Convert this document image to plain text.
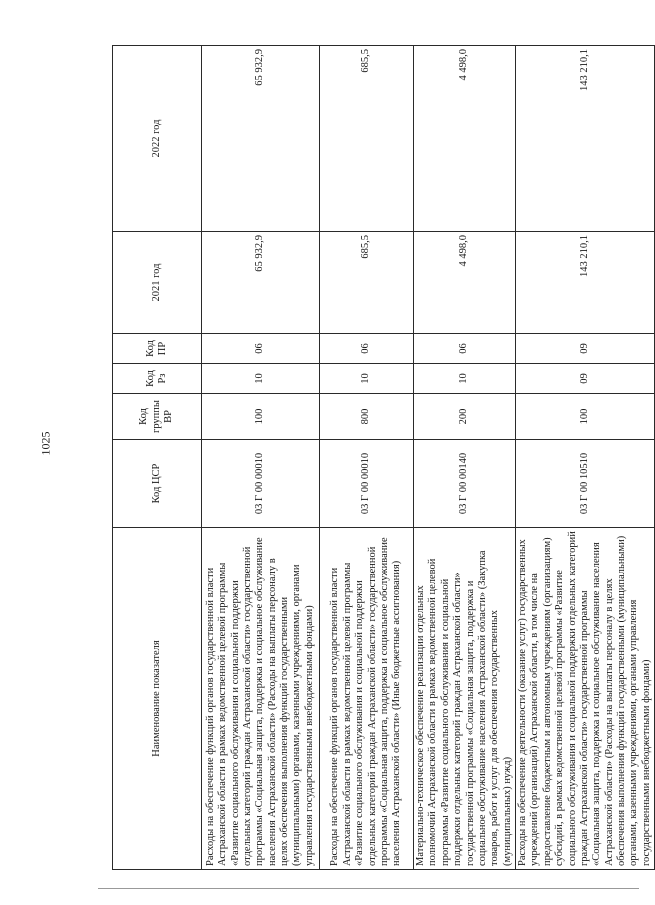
1025
Наименование показателя	Код ЦСР	Код группы ВР	Код Рз	Код ПР	2021 год	2022 год
Расходы на обеспечение функций органов государственной власти Астраханской области в рамках ведомственной целевой программы «Развитие социального обслуживания и социальной поддержки отдельных категорий граждан Астраханской области» государственной программы «Социальная защита, поддержка и социальное обслуживание населения Астраханской области» (Расходы на выплаты персоналу в целях обеспечения выполнения функций государственными (муниципальными) органами, казенными учреждениями, органами управления государственными внебюджетными фондами)	03 Г 00 00010	100	10	06	65 932,9	65 932,9
Расходы на обеспечение функций органов государственной власти Астраханской области в рамках ведомственной целевой программы «Развитие социального обслуживания и социальной поддержки отдельных категорий граждан Астраханской области» государственной программы «Социальная защита, поддержка и социальное обслуживание населения Астраханской области» (Иные бюджетные ассигнования)	03 Г 00 00010	800	10	06	685,5	685,5
Материально-техническое обеспечение реализации отдельных полномочий Астраханской области в рамках ведомственной целевой программы «Развитие социального обслуживания и социальной поддержки отдельных категорий граждан Астраханской области» государственной программы «Социальная защита, поддержка и социальное обслуживание населения Астраханской области» (Закупка товаров, работ и услуг для обеспечения государственных (муниципальных) нужд)	03 Г 00 00140	200	10	06	4 498,0	4 498,0
Расходы на обеспечение деятельности (оказание услуг) государственных учреждений (организаций) Астраханской области, в том числе на предоставление бюджетным и автономным учреждениям (организациям) субсидий, в рамках ведомственной целевой программы «Развитие социального обслуживания и социальной поддержки отдельных категорий граждан Астраханской области» государственной программы «Социальная защита, поддержка и социальное обслуживание населения Астраханской области» (Расходы на выплаты персоналу в целях обеспечения выполнения функций государственными (муниципальными) органами, казенными учреждениями, органами управления государственными внебюджетными фондами)	03 Г 00 10510	100	09	09	143 210,1	143 210,1
